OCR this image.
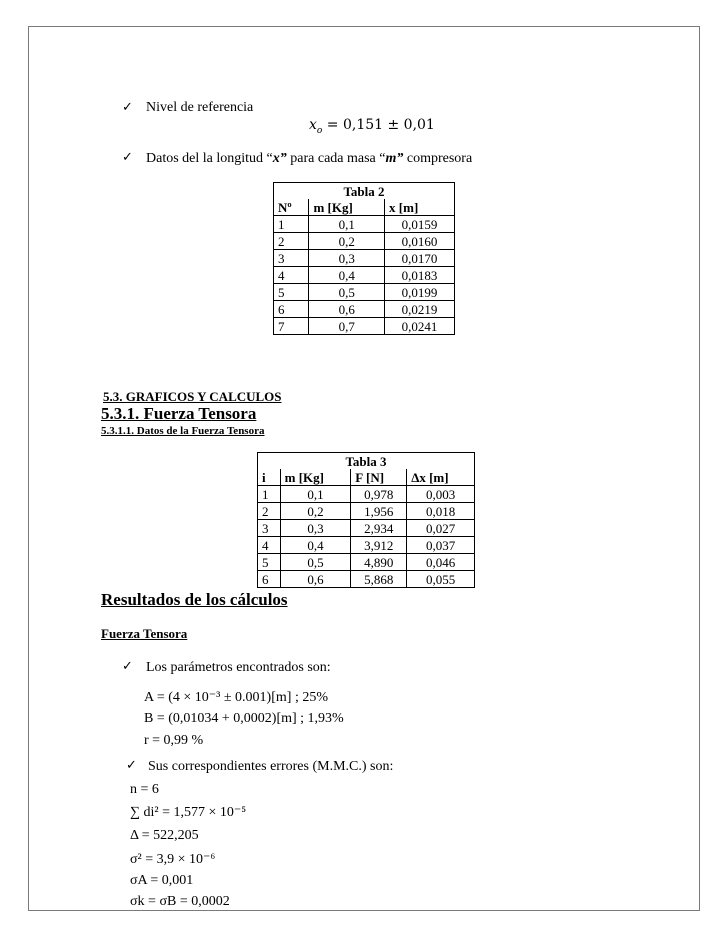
✓ Nivel de referencia
$x_o = 0,151 \pm 0,01$
✓ Datos del la longitud “x” para cada masa “m” compresora
Tabla 2		
Nº	m [Kg]	x [m]
1	0,1	0,0159
2	0,2	0,0160
3	0,3	0,0170
4	0,4	0,0183
5	0,5	0,0199
6	0,6	0,0219
7	0,7	0,0241
5.3. GRAFICOS Y CALCULOS
5.3.1. Fuerza Tensora
5.3.1.1. Datos de la Fuerza Tensora
Tabla 3			
i	m [Kg]	F [N]	Δx [m]
1	0,1	0,978	0,003
2	0,2	1,956	0,018
3	0,3	2,934	0,027
4	0,4	3,912	0,037
5	0,5	4,890	0,046
6	0,6	5,868	0,055
Resultados de los cálculos
Fuerza Tensora
✓ Los parámetros encontrados son:
A = (4 × 10⁻³ ± 0.001)[m] ; 25%
B = (0,01034 + 0,0002)[m] ; 1,93%
r = 0,99 %
✓ Sus correspondientes errores (M.M.C.) son:
n = 6
∑ di² = 1,577 × 10⁻⁵
Δ = 522,205
σ² = 3,9 × 10⁻⁶
σA = 0,001
σk = σB = 0,0002
